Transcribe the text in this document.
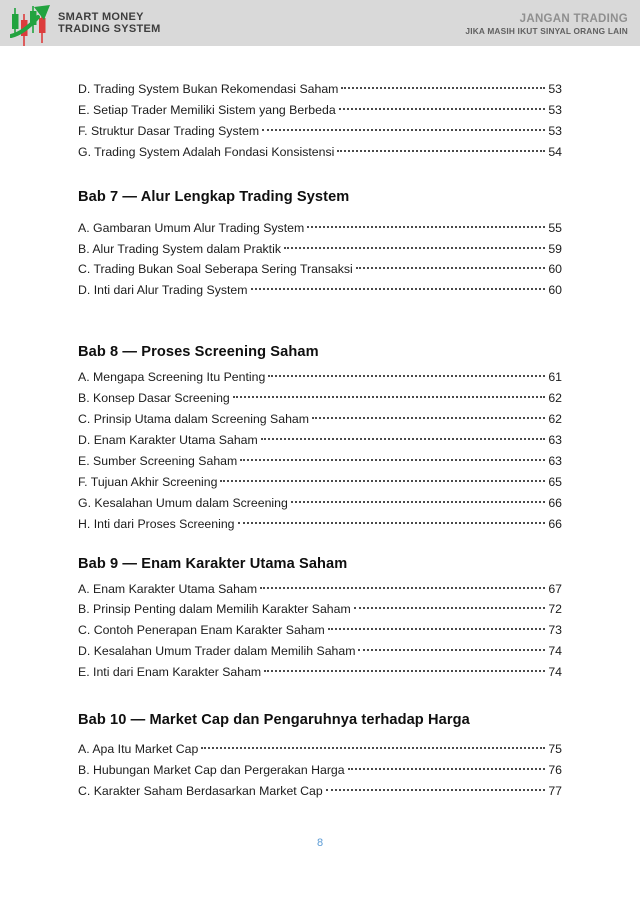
SMART MONEY
TRADING SYSTEM
JANGAN TRADING
JIKA MASIH IKUT SINYAL ORANG LAIN
D. Trading System Bukan Rekomendasi Saham	53
E. Setiap Trader Memiliki Sistem yang Berbeda	53
F. Struktur Dasar Trading System	53
G. Trading System Adalah Fondasi Konsistensi	54
Bab 7 — Alur Lengkap Trading System
A. Gambaran Umum Alur Trading System	55
B. Alur Trading System dalam Praktik	59
C. Trading Bukan Soal Seberapa Sering Transaksi	60
D. Inti dari Alur Trading System	60
Bab 8 — Proses Screening Saham
A. Mengapa Screening Itu Penting	61
B. Konsep Dasar Screening	62
C. Prinsip Utama dalam Screening Saham	62
D. Enam Karakter Utama Saham	63
E. Sumber Screening Saham	63
F. Tujuan Akhir Screening	65
G. Kesalahan Umum dalam Screening	66
H. Inti dari Proses Screening	66
Bab 9 — Enam Karakter Utama Saham
A. Enam Karakter Utama Saham	67
B. Prinsip Penting dalam Memilih Karakter Saham	72
C. Contoh Penerapan Enam Karakter Saham	73
D. Kesalahan Umum Trader dalam Memilih Saham	74
E. Inti dari Enam Karakter Saham	74
Bab 10 — Market Cap dan Pengaruhnya terhadap Harga
A. Apa Itu Market Cap	75
B. Hubungan Market Cap dan Pergerakan Harga	76
C. Karakter Saham Berdasarkan Market Cap	77
8
